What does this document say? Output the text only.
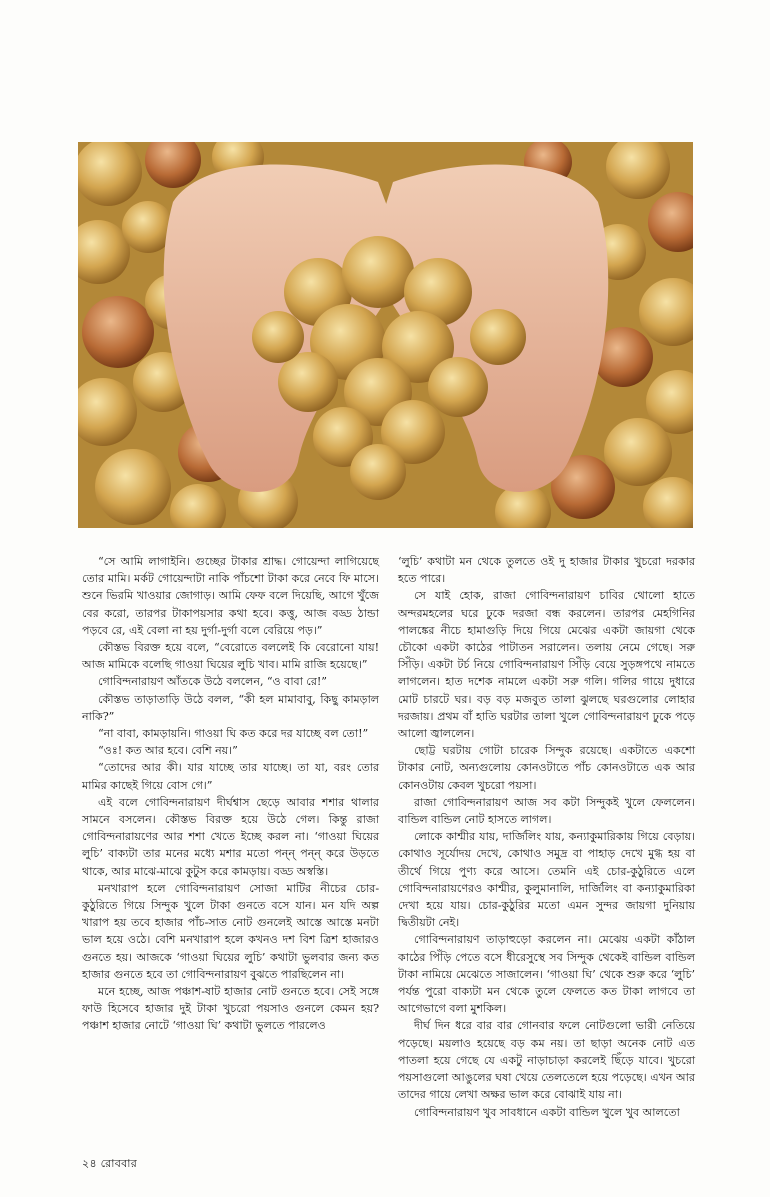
“সে আমি লাগাইনি। গুচ্ছের টাকার শ্রাদ্ধ। গোয়েন্দা লাগিয়েছে তোর মামি। মর্কট গোয়েন্দাটা নাকি পাঁচশো টাকা করে নেবে ফি মাসে। শুনে ভিরমি খাওয়ার জোগাড়। আমি ফেফ বলে দিয়েছি, আগে খুঁজে বের করো, তারপর টাকাপয়সার কথা হবে। কত্তু, আজ বড্ড ঠান্ডা পড়বে রে, এই বেলা না হয় দুর্গা-দুর্গা বলে বেরিয়ে পড়।”

কৌস্তভ বিরক্ত হয়ে বলে, “বেরোতে বললেই কি বেরোনো যায়! আজ মামিকে বলেছি গাওয়া ঘিয়ের লুচি খাব। মামি রাজি হয়েছে।”

গোবিন্দনারায়ণ আঁতকে উঠে বললেন, “ও বাবা রে!”

কৌস্তভ তাড়াতাড়ি উঠে বলল, “কী হল মামাবাবু, কিছু কামড়াল নাকি?”

“না বাবা, কামড়ায়নি। গাওয়া ঘি কত করে দর যাচ্ছে বল তো!”

“ওঃ! কত আর হবে। বেশি নয়।”

“তোদের আর কী। যার যাচ্ছে তার যাচ্ছে। তা যা, বরং তোর মামির কাছেই গিয়ে বোস গে।”

এই বলে গোবিন্দনারায়ণ দীর্ঘশ্বাস ছেড়ে আবার শশার থালার সামনে বসলেন। কৌস্তভ বিরক্ত হয়ে উঠে গেল। কিন্তু রাজা গোবিন্দনারায়ণের আর শশা খেতে ইচ্ছে করল না। ‘গাওয়া ঘিয়ের লুচি’ বাক্যটা তার মনের মধ্যে মশার মতো পন্‌ন্ পন্‌ন্ করে উড়তে থাকে, আর মাঝে-মাঝে কুটুস করে কামড়ায়। বড্ড অস্বস্তি।

মনখারাপ হলে গোবিন্দনারায়ণ সোজা মাটির নীচের চোর-কুঠুরিতে গিয়ে সিন্দুক খুলে টাকা গুনতে বসে যান। মন যদি অল্প খারাপ হয় তবে হাজার পাঁচ-সাত নোট গুনলেই আস্তে আস্তে মনটা ভাল হয়ে ওঠে। বেশি মনখারাপ হলে কখনও দশ বিশ ত্রিশ হাজারও গুনতে হয়। আজকে ‘গাওয়া ঘিয়ের লুচি’ কথাটা ভুলবার জন্য কত হাজার গুনতে হবে তা গোবিন্দনারায়ণ বুঝতে পারছিলেন না।

মনে হচ্ছে, আজ পঞ্চাশ-ষাট হাজার নোট গুনতে হবে। সেই সঙ্গে ফাউ হিসেবে হাজার দুই টাকা খুচরো পয়সাও গুনলে কেমন হয়? পঞ্চাশ হাজার নোটে ‘গাওয়া ঘি’ কথাটা ভুলতে পারলেও

‘লুচি’ কথাটা মন থেকে তুলতে ওই দু হাজার টাকার খুচরো দরকার হতে পারে।

সে যাই হোক, রাজা গোবিন্দনারায়ণ চাবির থোলো হাতে অন্দরমহলের ঘরে ঢুকে দরজা বন্ধ করলেন। তারপর মেহগিনির পালঙ্কের নীচে হামাগুড়ি দিয়ে গিয়ে মেঝের একটা জায়গা থেকে চৌকো একটা কাঠের পাটাতন সরালেন। তলায় নেমে গেছে। সরু সিঁড়ি। একটা টর্চ নিয়ে গোবিন্দনারায়ণ সিঁড়ি বেয়ে সুড়ঙ্গপথে নামতে লাগলেন। হাত দশেক নামলে একটা সরু গলি। গলির গায়ে দুধারে মোট চারটে ঘর। বড় বড় মজবুত তালা ঝুলছে ঘরগুলোর লোহার দরজায়। প্রথম বাঁ হাতি ঘরটার তালা খুলে গোবিন্দনারায়ণ ঢুকে পড়ে আলো জ্বাললেন।

ছোট্ট ঘরটায় গোটা চারেক সিন্দুক রয়েছে। একটাতে একশো টাকার নোট, অন্যগুলোয় কোনওটাতে পাঁচ কোনওটাতে এক আর কোনওটায় কেবল খুচরো পয়সা।

রাজা গোবিন্দনারায়ণ আজ সব কটা সিন্দুকই খুলে ফেললেন। বান্ডিল বান্ডিল নোট হাসতে লাগল।

লোকে কাশ্মীর যায়, দার্জিলিং যায়, কন্যাকুমারিকায় গিয়ে বেড়ায়। কোথাও সূর্যোদয় দেখে, কোথাও সমুদ্র বা পাহাড় দেখে মুগ্ধ হয় বা তীর্থে গিয়ে পুণ্য করে আসে। তেমনি এই চোর-কুঠুরিতে এলে গোবিন্দনারায়ণেরও কাশ্মীর, কুলুমানালি, দার্জিলিং বা কন্যাকুমারিকা দেখা হয়ে যায়। চোর-কুঠুরির মতো এমন সুন্দর জায়গা দুনিয়ায় দ্বিতীয়টা নেই।

গোবিন্দনারায়ণ তাড়াহুড়ো করলেন না। মেঝেয় একটা কাঁঠাল কাঠের পিঁড়ি পেতে বসে ধীরেসুস্থে সব সিন্দুক থেকেই বান্ডিল বান্ডিল টাকা নামিয়ে মেঝেতে সাজালেন। ‘গাওয়া ঘি’ থেকে শুরু করে ‘লুচি’ পর্যন্ত পুরো বাক্যটা মন থেকে তুলে ফেলতে কত টাকা লাগবে তা আগেভাগে বলা মুশকিল।

দীর্ঘ দিন ধরে বার বার গোনবার ফলে নোটগুলো ভারী নেতিয়ে পড়েছে। ময়লাও হয়েছে বড় কম নয়। তা ছাড়া অনেক নোট এত পাতলা হয়ে গেছে যে একটু নাড়াচাড়া করলেই ছিঁড়ে যাবে। খুচরো পয়সাগুলো আঙুলের ঘষা খেয়ে তেলতেলে হয়ে পড়েছে। এখন আর তাদের গায়ে লেখা অক্ষর ভাল করে বোঝাই যায় না।

গোবিন্দনারায়ণ খুব সাবধানে একটা বান্ডিল খুলে খুব আলতো

২৪ রোববার
